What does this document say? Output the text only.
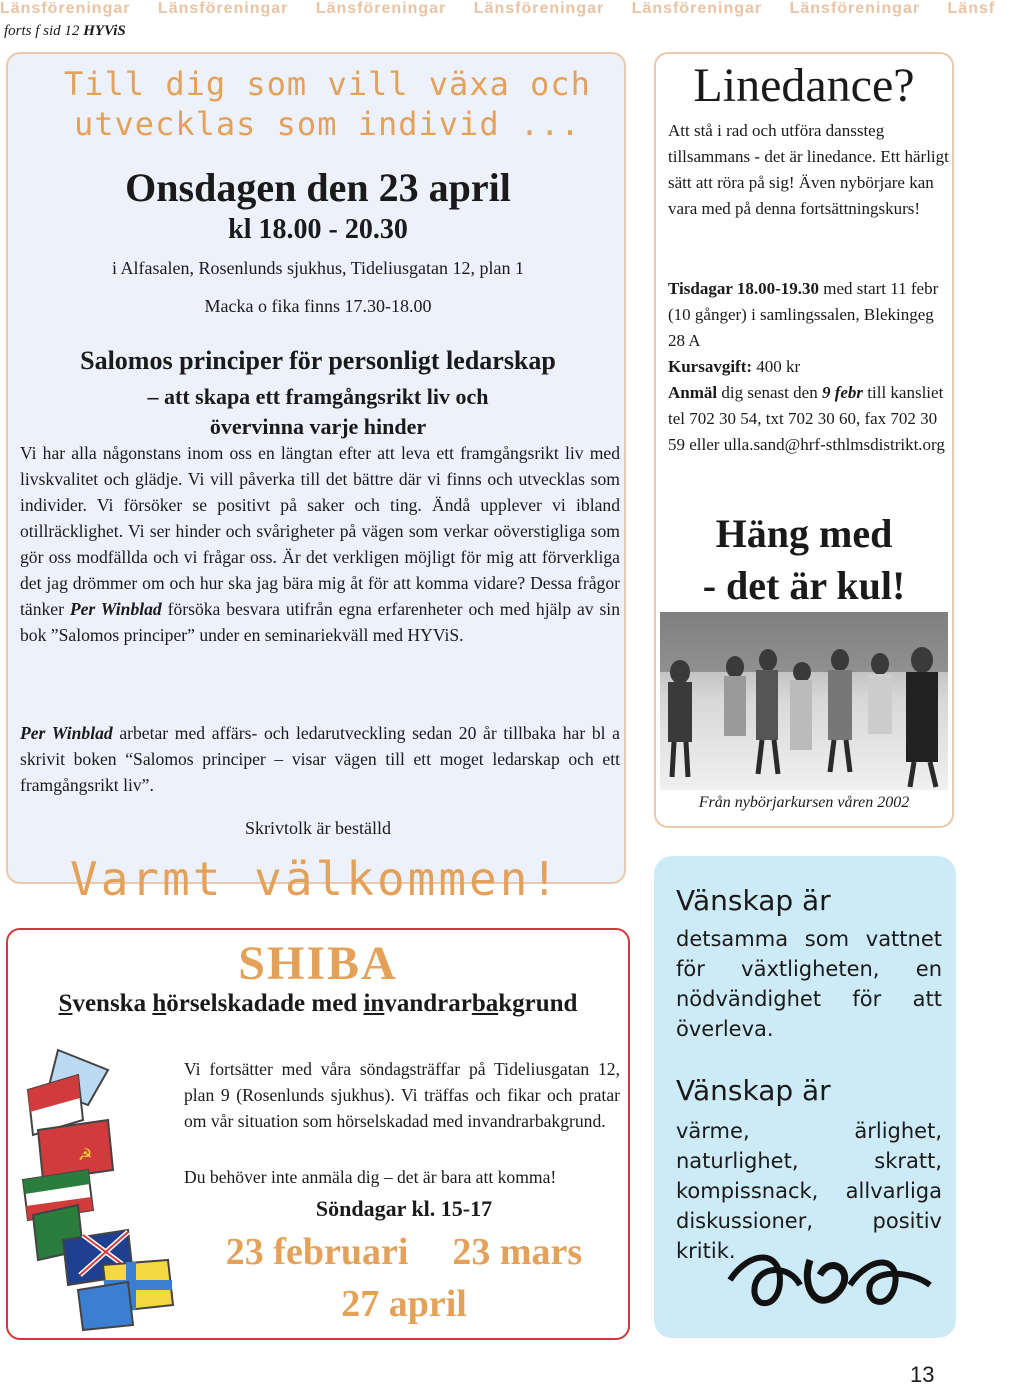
Länsföreningar Länsföreningar Länsföreningar Länsföreningar Länsföreningar Länsföreningar Länsf
forts f sid 12 HYViS
Till dig som vill växa och
utvecklas som individ ...
Onsdagen den 23 april
kl 18.00 - 20.30
i Alfasalen, Rosenlunds sjukhus, Tideliusgatan 12, plan 1
Macka o fika finns 17.30-18.00
Salomos principer för personligt ledarskap
– att skapa ett framgångsrikt liv och
övervinna varje hinder
Vi har alla någonstans inom oss en längtan efter att leva ett framgångsrikt liv med livskvalitet och glädje. Vi vill påverka till det bättre där vi finns och utvecklas som individer. Vi försöker se positivt på saker och ting. Ändå upplever vi ibland otillräcklighet. Vi ser hinder och svårigheter på vägen som verkar oöverstigliga som gör oss modfällda och vi frågar oss. Är det verkligen möjligt för mig att förverkliga det jag drömmer om och hur ska jag bära mig åt för att komma vidare? Dessa frågor tänker Per Winblad försöka besvara utifrån egna erfarenheter och med hjälp av sin bok ”Salomos principer” under en seminariekväll med HYViS.
Per Winblad arbetar med affärs- och ledarutveckling sedan 20 år tillbaka har bl a skrivit boken “Salomos principer – visar vägen till ett moget ledarskap och ett framgångsrikt liv”.
Skrivtolk är beställd
Varmt välkommen!
SHIBA
Svenska hörselskadade med invandrarbakgrund
☭
Vi fortsätter med våra söndagsträffar på Tideliusgatan 12, plan 9 (Rosenlunds sjukhus). Vi träffas och fikar och pratar om vår situation som hörselskadad med invandrarbakgrund.
Du behöver inte anmäla dig – det är bara att komma!
Söndagar kl. 15-17
23 februari 23 mars
27 april
Linedance?
Att stå i rad och utföra danssteg tillsammans - det är linedance. Ett härligt sätt att röra på sig! Även nybörjare kan vara med på denna fortsättningskurs!
Tisdagar 18.00-19.30 med start 11 febr (10 gånger) i samlingssalen, Blekingeg 28 A
Kursavgift: 400 kr
Anmäl dig senast den 9 febr till kansliet tel 702 30 54, txt 702 30 60, fax 702 30 59 eller ulla.sand@hrf-sthlmsdistrikt.org
Häng med
- det är kul!
Från nybörjarkursen våren 2002
Vänskap är
detsamma som vattnet för växtligheten, en nödvändighet för att överleva.
Vänskap är
värme, ärlighet, naturlighet, skratt, kompissnack, allvarliga diskussioner, positiv kritik.
13
